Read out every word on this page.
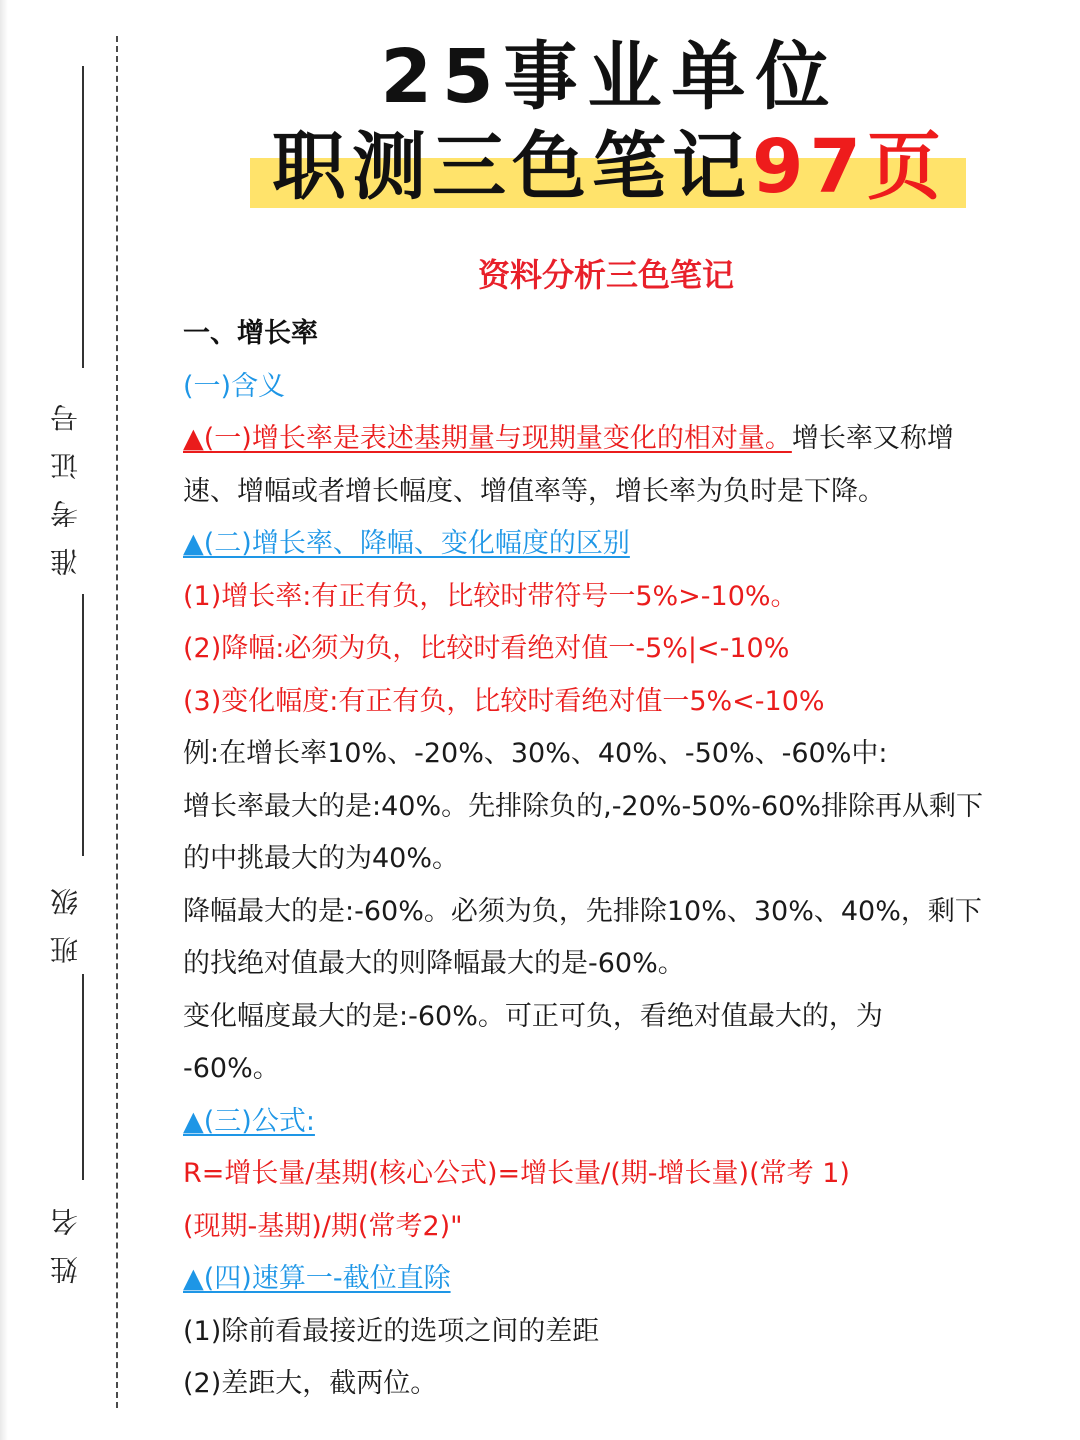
准考证号
班级
姓名
25事业单位
职测三色笔记97页
资料分析三色笔记
一、增长率
(一)含义
▲(一)增长率是表述基期量与现期量变化的相对量。增长率又称增
速、增幅或者增长幅度、增值率等，增长率为负时是下降。
▲(二)增长率、降幅、变化幅度的区别
(1)增长率:有正有负，比较时带符号一5%>-10%。
(2)降幅:必须为负，比较时看绝对值一-5%|<-10%
(3)变化幅度:有正有负，比较时看绝对值一5%<-10%
例:在增长率10%、-20%、30%、40%、-50%、-60%中:
增长率最大的是:40%。先排除负的,-20%-50%-60%排除再从剩下
的中挑最大的为40%。
降幅最大的是:-60%。必须为负，先排除10%、30%、40%，剩下
的找绝对值最大的则降幅最大的是-60%。
变化幅度最大的是:-60%。可正可负，看绝对值最大的，为
-60%。
▲(三)公式:
R=增长量/基期(核心公式)=增长量/(期-增长量)(常考 1)
(现期-基期)/期(常考2)"
▲(四)速算一-截位直除
(1)除前看最接近的选项之间的差距
(2)差距大，截两位。
